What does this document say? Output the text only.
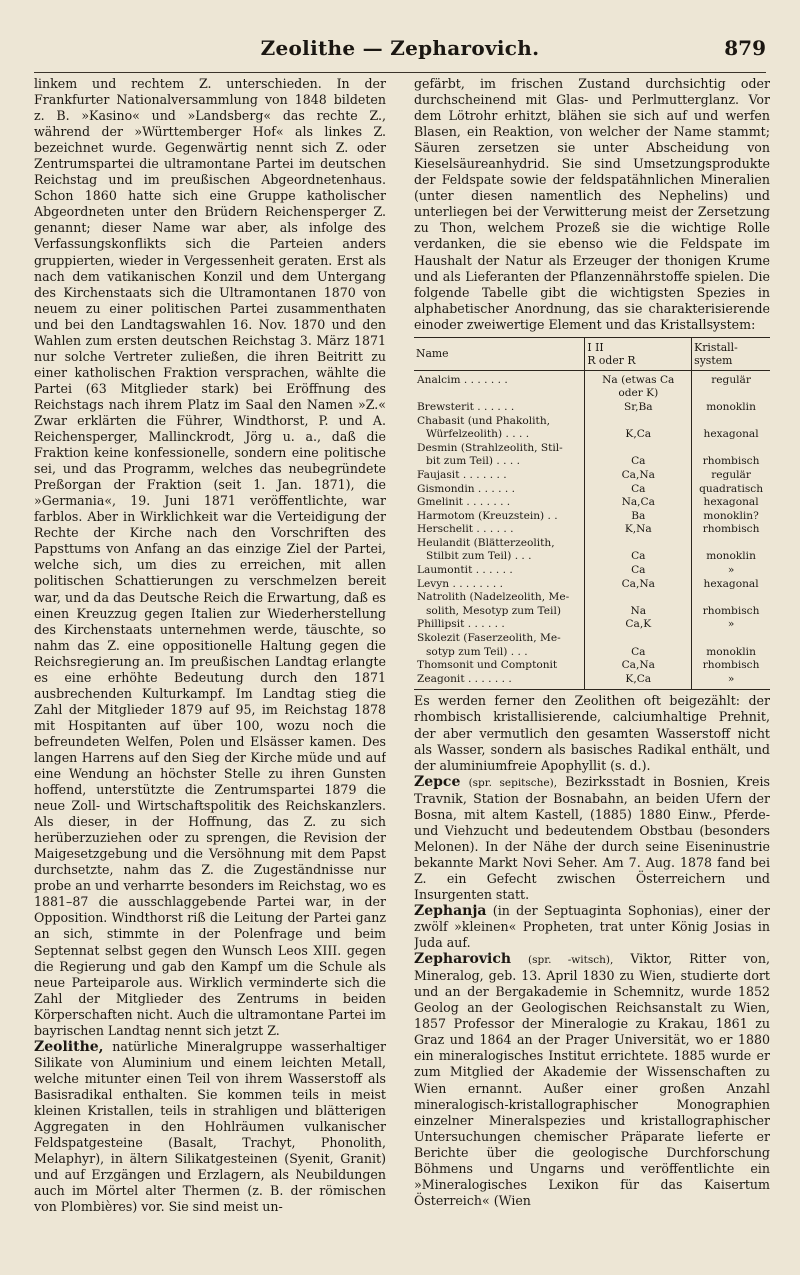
Zeolithe — Zepharovich.	879

linkem und rechtem Z. unterschieden. In der Frankfurter Nationalversammlung von 1848 bildeten z. B. »Kasino« und »Landsberg« das rechte Z., während der »Württemberger Hof« als linkes Z. bezeichnet wurde. Gegenwärtig nennt sich Z. oder Zentrumspartei die ultramontane Partei im deutschen Reichstag und im preußischen Abgeordnetenhaus. Schon 1860 hatte sich eine Gruppe katholischer Abgeordneten unter den Brüdern Reichensperger Z. genannt; dieser Name war aber, als infolge des Verfassungskonflikts sich die Parteien anders gruppierten, wieder in Vergessenheit geraten. Erst als nach dem vatikanischen Konzil und dem Untergang des Kirchenstaats sich die Ultramontanen 1870 von neuem zu einer politischen Partei zusammenthaten und bei den Landtagswahlen 16. Nov. 1870 und den Wahlen zum ersten deutschen Reichstag 3. März 1871 nur solche Vertreter zuließen, die ihren Beitritt zu einer katholischen Fraktion versprachen, wählte die Partei (63 Mitglieder stark) bei Eröffnung des Reichstags nach ihrem Platz im Saal den Namen »Z.« Zwar erklärten die Führer, Windthorst, P. und A. Reichensperger, Mallinckrodt, Jörg u. a., daß die Fraktion keine konfessionelle, sondern eine politische sei, und das Programm, welches das neubegründete Preßorgan der Fraktion (seit 1. Jan. 1871), die »Germania«, 19. Juni 1871 veröffentlichte, war farblos. Aber in Wirklichkeit war die Verteidigung der Rechte der Kirche nach den Vorschriften des Papsttums von Anfang an das einzige Ziel der Partei, welche sich, um dies zu erreichen, mit allen politischen Schattierungen zu verschmelzen bereit war, und da das Deutsche Reich die Erwartung, daß es einen Kreuzzug gegen Italien zur Wiederherstellung des Kirchenstaats unternehmen werde, täuschte, so nahm das Z. eine oppositionelle Haltung gegen die Reichsregierung an. Im preußischen Landtag erlangte es eine erhöhte Bedeutung durch den 1871 ausbrechenden Kulturkampf. Im Landtag stieg die Zahl der Mitglieder 1879 auf 95, im Reichstag 1878 mit Hospitanten auf über 100, wozu noch die befreundeten Welfen, Polen und Elsässer kamen. Des langen Harrens auf den Sieg der Kirche müde und auf eine Wendung an höchster Stelle zu ihren Gunsten hoffend, unterstützte die Zentrumspartei 1879 die neue Zoll- und Wirtschaftspolitik des Reichskanzlers. Als dieser, in der Hoffnung, das Z. zu sich herüberzuziehen oder zu sprengen, die Revision der Maigesetzgebung und die Versöhnung mit dem Papst durchsetzte, nahm das Z. die Zugeständnisse nur probe an und verharrte besonders im Reichstag, wo es 1881–87 die ausschlaggebende Partei war, in der Opposition. Windthorst riß die Leitung der Partei ganz an sich, stimmte in der Polenfrage und beim Septennat selbst gegen den Wunsch Leos XIII. gegen die Regierung und gab den Kampf um die Schule als neue Parteiparole aus. Wirklich verminderte sich die Zahl der Mitglieder des Zentrums in beiden Körperschaften nicht. Auch die ultramontane Partei im bayrischen Landtag nennt sich jetzt Z.

Zeolithe, natürliche Mineralgruppe wasserhaltiger Silikate von Aluminium und einem leichten Metall, welche mitunter einen Teil von ihrem Wasserstoff als Basisradikal enthalten. Sie kommen teils in meist kleinen Kristallen, teils in strahligen und blätterigen Aggregaten in den Hohlräumen vulkanischer Feldspatgesteine (Basalt, Trachyt, Phonolith, Melaphyr), in ältern Silikatgesteinen (Syenit, Granit) und auf Erzgängen und Erzlagern, als Neubildungen auch im Mörtel alter Thermen (z. B. der römischen von Plombières) vor. Sie sind meist un-

gefärbt, im frischen Zustand durchsichtig oder durchscheinend mit Glas- und Perlmutterglanz. Vor dem Lötrohr erhitzt, blähen sie sich auf und werfen Blasen, ein Reaktion, von welcher der Name stammt; Säuren zersetzen sie unter Abscheidung von Kieselsäureanhydrid. Sie sind Umsetzungsprodukte der Feldspate sowie der feldspatähnlichen Mineralien (unter diesen namentlich des Nephelins) und unterliegen bei der Verwitterung meist der Zersetzung zu Thon, welchem Prozeß sie die wichtige Rolle verdanken, die sie ebenso wie die Feldspate im Haushalt der Natur als Erzeuger der thonigen Krume und als Lieferanten der Pflanzennährstoffe spielen. Die folgende Tabelle gibt die wichtigsten Spezies in alphabetischer Anordnung, das sie charakterisierende einoder zweiwertige Element und das Kristallsystem:

Name	I II
R oder R	Kristall-
system
Analcim . . . . . . .	Na (etwas Ca oder K)	regulär
Brewsterit . . . . . .	Sr,Ba	monoklin
Chabasit (und Phakolith,		
Würfelzeolith) . . . .	K,Ca	hexagonal
Desmin (Strahlzeolith, Stil-		
bit zum Teil) . . . .	Ca	rhombisch
Faujasit . . . . . . .	Ca,Na	regulär
Gismondin . . . . . .	Ca	quadratisch
Gmelinit . . . . . . .	Na,Ca	hexagonal
Harmotom (Kreuzstein) . .	Ba	monoklin?
Herschelit . . . . . .	K,Na	rhombisch
Heulandit (Blätterzeolith,		
Stilbit zum Teil) . . .	Ca	monoklin
Laumontit . . . . . .	Ca	»
Levyn . . . . . . . .	Ca,Na	hexagonal
Natrolith (Nadelzeolith, Me-		
solith, Mesotyp zum Teil)	Na	rhombisch
Phillipsit . . . . . .	Ca,K	»
Skolezit (Faserzeolith, Me-		
sotyp zum Teil) . . .	Ca	monoklin
Thomsonit und Comptonit	Ca,Na	rhombisch
Zeagonit . . . . . . .	K,Ca	»

Es werden ferner den Zeolithen oft beigezählt: der rhombisch kristallisierende, calciumhaltige Prehnit, der aber vermutlich den gesamten Wasserstoff nicht als Wasser, sondern als basisches Radikal enthält, und der aluminiumfreie Apophyllit (s. d.).

Zepce (spr. sepitsche), Bezirksstadt in Bosnien, Kreis Travnik, Station der Bosnabahn, an beiden Ufern der Bosna, mit altem Kastell, (1885) 1880 Einw., Pferde- und Viehzucht und bedeutendem Obstbau (besonders Melonen). In der Nähe der durch seine Eiseninustrie bekannte Markt Novi Seher. Am 7. Aug. 1878 fand bei Z. ein Gefecht zwischen Österreichern und Insurgenten statt.

Zephanja (in der Septuaginta Sophonias), einer der zwölf »kleinen« Propheten, trat unter König Josias in Juda auf.

Zepharovich (spr. -witsch), Viktor, Ritter von, Mineralog, geb. 13. April 1830 zu Wien, studierte dort und an der Bergakademie in Schemnitz, wurde 1852 Geolog an der Geologischen Reichsanstalt zu Wien, 1857 Professor der Mineralogie zu Krakau, 1861 zu Graz und 1864 an der Prager Universität, wo er 1880 ein mineralogisches Institut errichtete. 1885 wurde er zum Mitglied der Akademie der Wissenschaften zu Wien ernannt. Außer einer großen Anzahl mineralogisch-kristallographischer Monographien einzelner Mineralspezies und kristallographischer Untersuchungen chemischer Präparate lieferte er Berichte über die geologische Durchforschung Böhmens und Ungarns und veröffentlichte ein »Mineralogisches Lexikon für das Kaisertum Österreich« (Wien
